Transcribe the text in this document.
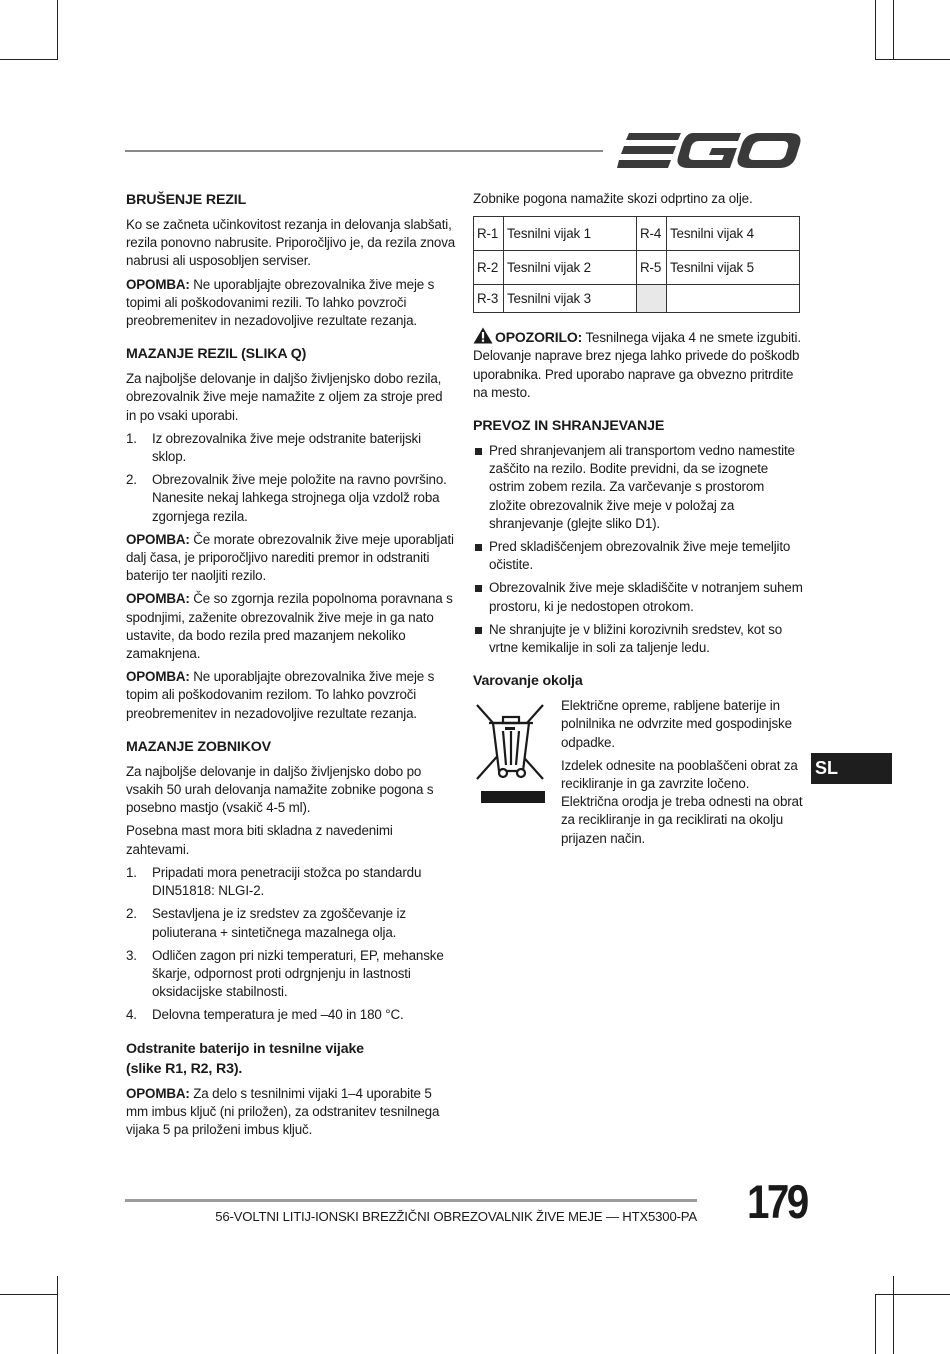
BRUŠENJE REZIL

Ko se začneta učinkovitost rezanja in delovanja slabšati, rezila ponovno nabrusite. Priporočljivo je, da rezila znova nabrusi ali usposobljen serviser.

OPOMBA: Ne uporabljajte obrezovalnika žive meje s topimi ali poškodovanimi rezili. To lahko povzroči preobremenitev in nezadovoljive rezultate rezanja.

MAZANJE REZIL (SLIKA Q)

Za najboljše delovanje in daljšo življenjsko dobo rezila, obrezovalnik žive meje namažite z oljem za stroje pred in po vsaki uporabi.

1. Iz obrezovalnika žive meje odstranite baterijski sklop.
2. Obrezovalnik žive meje položite na ravno površino. Nanesite nekaj lahkega strojnega olja vzdolž roba zgornjega rezila.

OPOMBA: Če morate obrezovalnik žive meje uporabljati dalj časa, je priporočljivo narediti premor in odstraniti baterijo ter naoljiti rezilo.

OPOMBA: Če so zgornja rezila popolnoma poravnana s spodnjimi, zaženite obrezovalnik žive meje in ga nato ustavite, da bodo rezila pred mazanjem nekoliko zamaknjena.

OPOMBA: Ne uporabljajte obrezovalnika žive meje s topim ali poškodovanim rezilom. To lahko povzroči preobremenitev in nezadovoljive rezultate rezanja.

MAZANJE ZOBNIKOV

Za najboljše delovanje in daljšo življenjsko dobo po vsakih 50 urah delovanja namažite zobnike pogona s posebno mastjo (vsakič 4-5 ml).

Posebna mast mora biti skladna z navedenimi zahtevami.

1. Pripadati mora penetraciji stožca po standardu DIN51818: NLGI-2.
2. Sestavljena je iz sredstev za zgoščevanje iz poliuterana + sintetičnega mazalnega olja.
3. Odličen zagon pri nizki temperaturi, EP, mehanske škarje, odpornost proti odrgnjenju in lastnosti oksidacijske stabilnosti.
4. Delovna temperatura je med –40 in 180 °C.
Odstranite baterijo in tesnilne vijake
(slike R1, R2, R3).

OPOMBA: Za delo s tesnilnimi vijaki 1–4 uporabite 5 mm imbus ključ (ni priložen), za odstranitev tesnilnega vijaka 5 pa priloženi imbus ključ.

Zobnike pogona namažite skozi odprtino za olje.

R-1	Tesnilni vijak 1	R-4	Tesnilni vijak 4
R-2	Tesnilni vijak 2	R-5	Tesnilni vijak 5
R-3	Tesnilni vijak 3		

OPOZORILO: Tesnilnega vijaka 4 ne smete izgubiti. Delovanje naprave brez njega lahko privede do poškodb uporabnika. Pred uporabo naprave ga obvezno pritrdite na mesto.

PREVOZ IN SHRANJEVANJE
Pred shranjevanjem ali transportom vedno namestite zaščito na rezilo. Bodite previdni, da se izognete ostrim zobem rezila. Za varčevanje s prostorom zložite obrezovalnik žive meje v položaj za shranjevanje (glejte sliko D1).
Pred skladiščenjem obrezovalnik žive meje temeljito očistite.
Obrezovalnik žive meje skladiščite v notranjem suhem prostoru, ki je nedostopen otrokom.
Ne shranjujte je v bližini korozivnih sredstev, kot so vrtne kemikalije in soli za taljenje ledu.
Varovanje okolja

Električne opreme, rabljene baterije in polnilnika ne odvrzite med gospodinjske odpadke.

Izdelek odnesite na pooblaščeni obrat za recikliranje in ga zavrzite ločeno. Električna orodja je treba odnesti na obrat za recikliranje in ga reciklirati na okolju prijazen način.

SL
56-VOLTNI LITIJ-IONSKI BREZŽIČNI OBREZOVALNIK ŽIVE MEJE — HTX5300-PA 179
